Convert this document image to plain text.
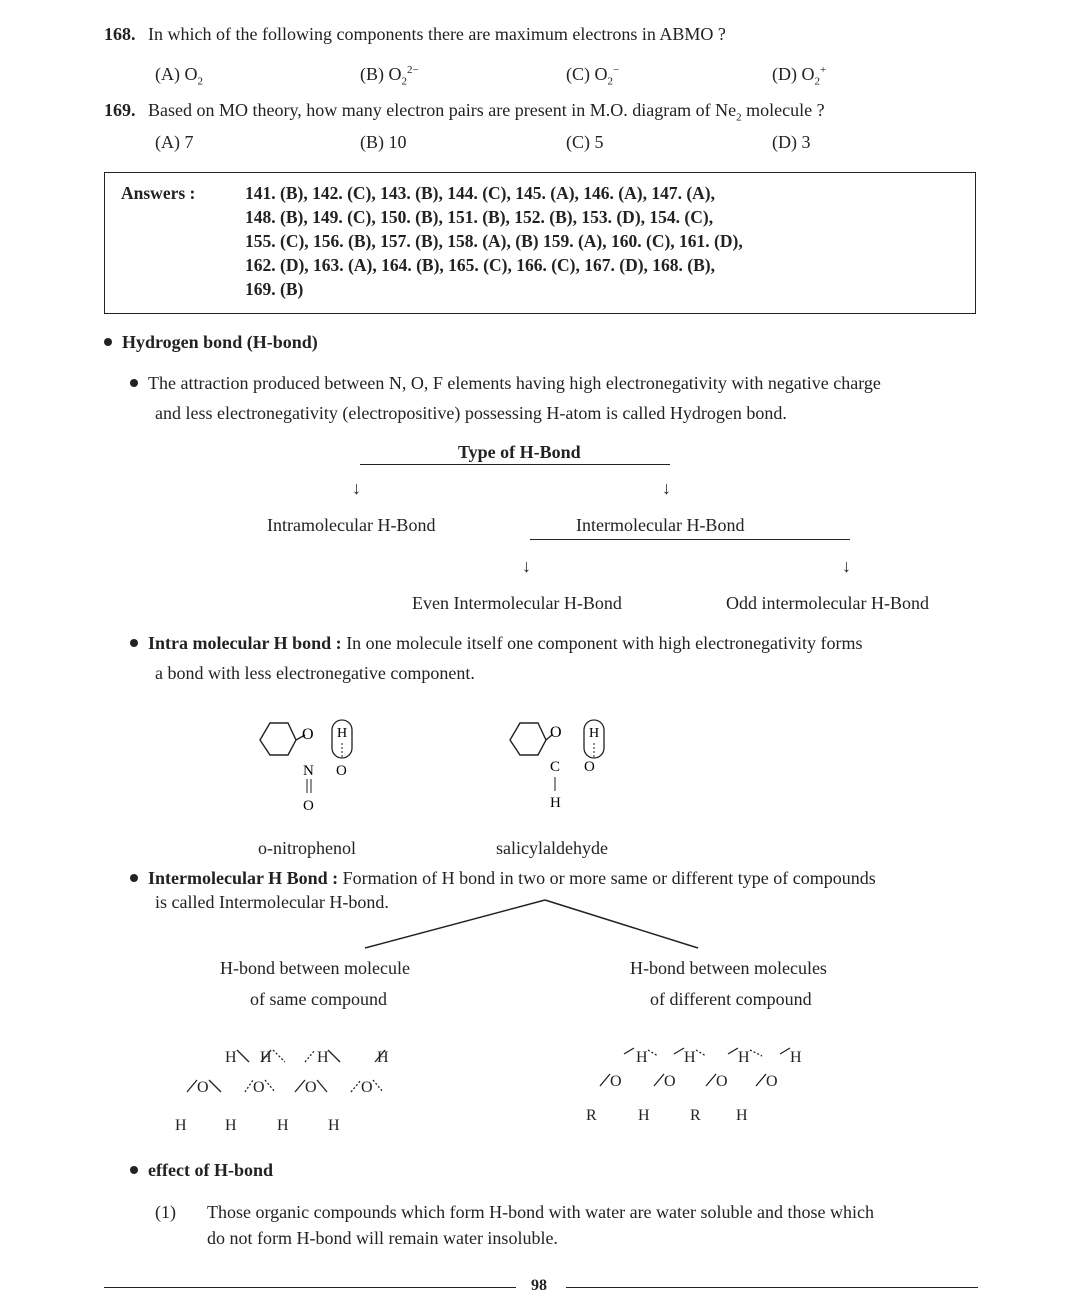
168. In which of the following components there are maximum electrons in ABMO ?
(A) $O_2$	(B) $O_2^{2-}$	(C) $O_2^-$	(D) $O_2^+$
169. Based on MO theory, how many electron pairs are present in M.O. diagram of $Ne_2$ molecule ?
(A) 7	(B) 10	(C) 5	(D) 3
Answers :	141. (B), 142. (C), 143. (B), 144. (C), 145. (A), 146. (A), 147. (A),
148. (B), 149. (C), 150. (B), 151. (B), 152. (B), 153. (D), 154. (C),
155. (C), 156. (B), 157. (B), 158. (A), (B) 159. (A), 160. (C), 161. (D),
162. (D), 163. (A), 164. (B), 165. (C), 166. (C), 167. (D), 168. (B),
169. (B)
Hydrogen bond (H-bond)
The attraction produced between N, O, F elements having high electronegativity with negative charge
and less electronegativity (electropositive) possessing H-atom is called Hydrogen bond.
Type of H-Bond
↓	↓
Intramolecular H-Bond	Intermolecular H-Bond
↓	↓
Even Intermolecular H-Bond	Odd intermolecular H-Bond
Intra molecular H bond : In one molecule itself one component with high electronegativity forms
a bond with less electronegative component.
O H
N O
O
O H
C O
H
o-nitrophenol	salicylaldehyde
Intermolecular H Bond : Formation of H bond in two or more same or different type of compounds
is called Intermolecular H-bond.
H-bond between molecule
of same compound
H-bond between molecules
of different compound
H H	H	H
O	O	O	O
H H	H H
H H	H	H
O	O	O O
R	H	R H
effect of H-bond
(1) Those organic compounds which form H-bond with water are water soluble and those which
do not form H-bond will remain water insoluble.
98
